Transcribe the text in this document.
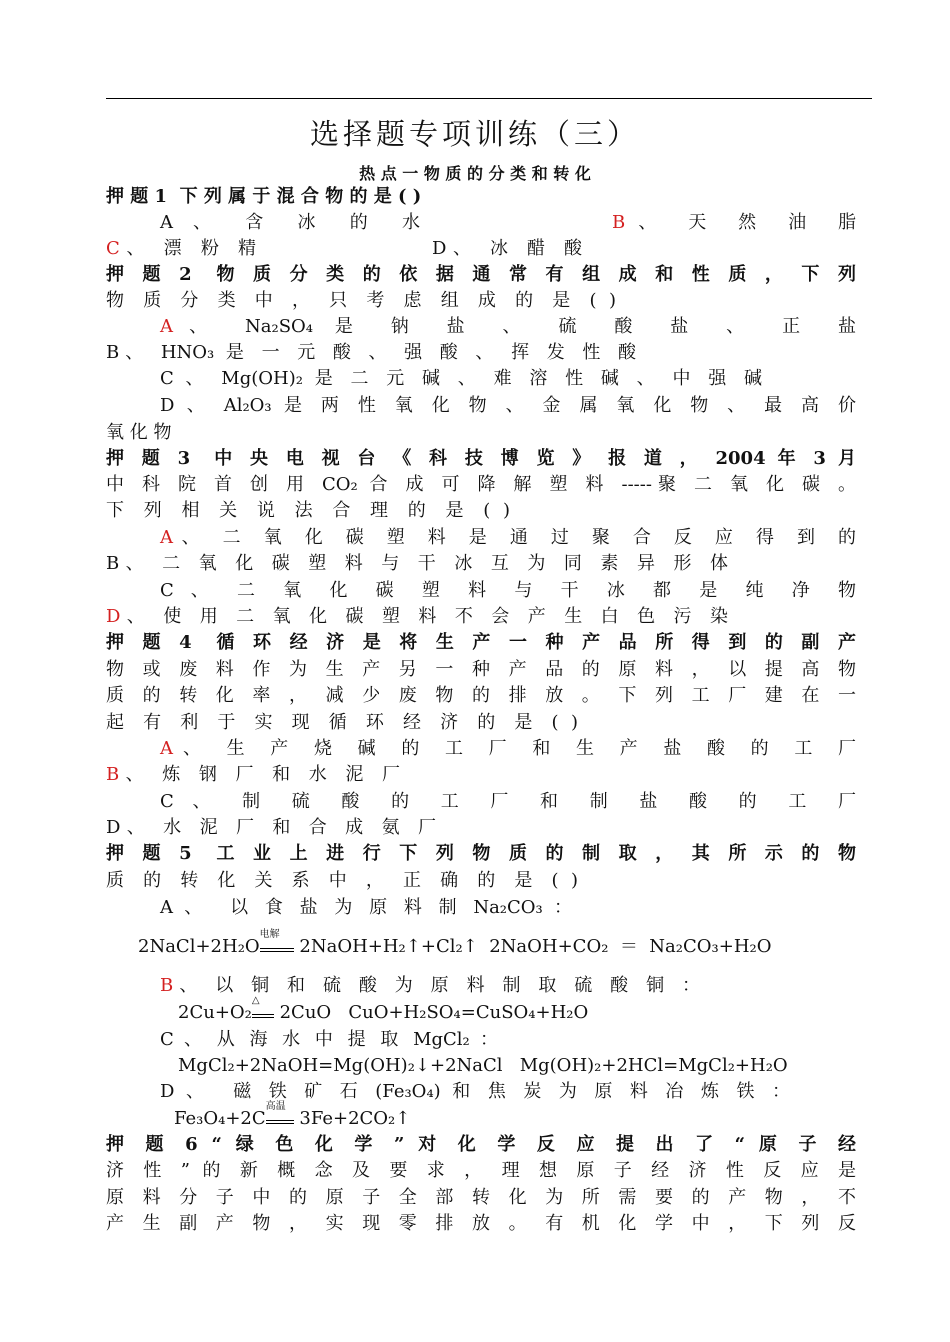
选择题专项训练（三）
热 点 一 物 质 的 分 类 和 转 化
押 题 1  下 列 属 于 混 合 物 的 是 ( )
A 、 含 冰 的 水	B、 天 然 油 脂
C、 漂 粉 精	D、 冰 醋 酸
押 题 2  物 质 分 类 的 依 据 通 常 有 组 成 和 性 质 ， 下 列
物 质 分 类 中 ， 只 考 虑 组 成 的 是 ( )
A、 Na₂SO₄ 是 钠 盐 、 硫 酸 盐 、 正 盐
B、 HNO₃ 是 一 元 酸 、 强 酸 、 挥 发 性 酸
C 、 Mg(OH)₂ 是 二 元 碱 、 难 溶 性 碱 、 中 强 碱
D 、 Al₂O₃ 是 两 性 氧 化 物 、 金 属 氧 化 物 、 最 高 价
氧 化 物
押 题 3  中 央 电 视 台 《 科 技 博 览 》 报 道 ， 2004 年 3 月
中 科 院 首 创 用 CO₂ 合 成 可 降 解 塑 料 -----聚 二 氧 化 碳 。
下 列 相 关 说 法 合 理 的 是 ( )
A、 二 氧 化 碳 塑 料 是 通 过 聚 合 反 应 得 到 的
B、 二 氧 化 碳 塑 料 与 干 冰 互 为 同 素 异 形 体
C 、 二 氧 化 碳 塑 料 与 干 冰 都 是 纯 净 物
D、 使 用 二 氧 化 碳 塑 料 不 会 产 生 白 色 污 染
押 题 4  循 环 经 济 是 将 生 产 一 种 产 品 所 得 到 的 副 产
物 或 废 料 作 为 生 产 另 一 种 产 品 的 原 料 ， 以 提 高 物
质 的 转 化 率 ， 减 少 废 物 的 排 放 。 下 列 工 厂 建 在 一
起 有 利 于 实 现 循 环 经 济 的 是 ( )
A、 生 产 烧 碱 的 工 厂 和 生 产 盐 酸 的 工 厂
B、 炼 钢 厂 和 水 泥 厂
C 、 制 硫 酸 的 工 厂 和 制 盐 酸 的 工 厂
D、 水 泥 厂 和 合 成 氨 厂
押 题 5  工 业 上 进 行 下 列 物 质 的 制 取 ， 其 所 示 的 物
质 的 转 化 关 系 中 ， 正 确 的 是 ( )
A 、  以 食 盐 为 原 料 制 Na₂CO₃ ：
2NaCl+2H₂O
电解
2NaOH+H₂↑+Cl₂↑  2NaOH+CO₂  ＝  Na₂CO₃+H₂O
B、 以 铜 和 硫 酸 为 原 料 制 取 硫 酸 铜 ：
2Cu+O₂
△
2CuO   CuO+H₂SO₄=CuSO₄+H₂O
C 、 从 海 水 中 提 取 MgCl₂ ：
MgCl₂+2NaOH=Mg(OH)₂↓+2NaCl   Mg(OH)₂+2HCl=MgCl₂+H₂O
D 、  磁 铁 矿 石 (Fe₃O₄) 和 焦 炭 为 原 料 冶 炼 铁 ：
Fe₃O₄+2C
高温
3Fe+2CO₂↑
押 题 6 “ 绿 色 化 学 ” 对 化 学 反 应 提 出 了 “ 原 子 经
济 性 ” 的 新 概 念 及 要 求 ， 理 想 原 子 经 济 性 反 应 是
原 料 分 子 中 的 原 子 全 部 转 化 为 所 需 要 的 产 物 ， 不
产 生 副 产 物 ， 实 现 零 排 放 。 有 机 化 学 中 ， 下 列 反
